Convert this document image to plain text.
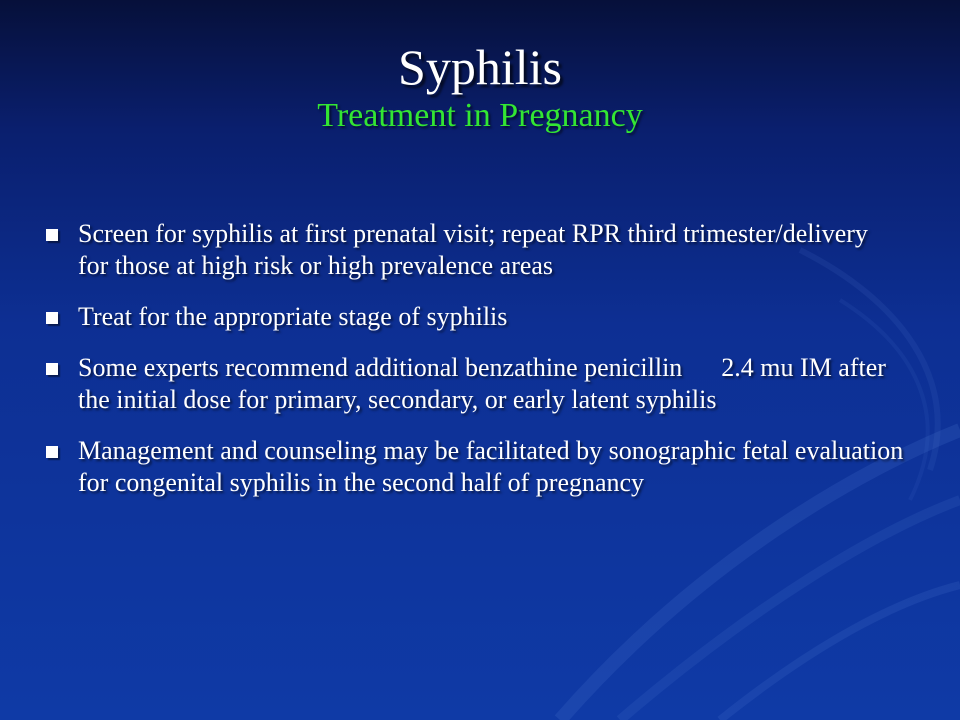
Syphilis
Treatment in Pregnancy
Screen for syphilis at first prenatal visit; repeat RPR third trimester/delivery for those at high risk or high prevalence areas
Treat for the appropriate stage of syphilis
Some experts recommend additional benzathine penicillin      2.4 mu IM after the initial dose for primary, secondary, or early latent syphilis
Management and counseling may be facilitated by sonographic fetal evaluation for congenital syphilis in the second half of pregnancy
